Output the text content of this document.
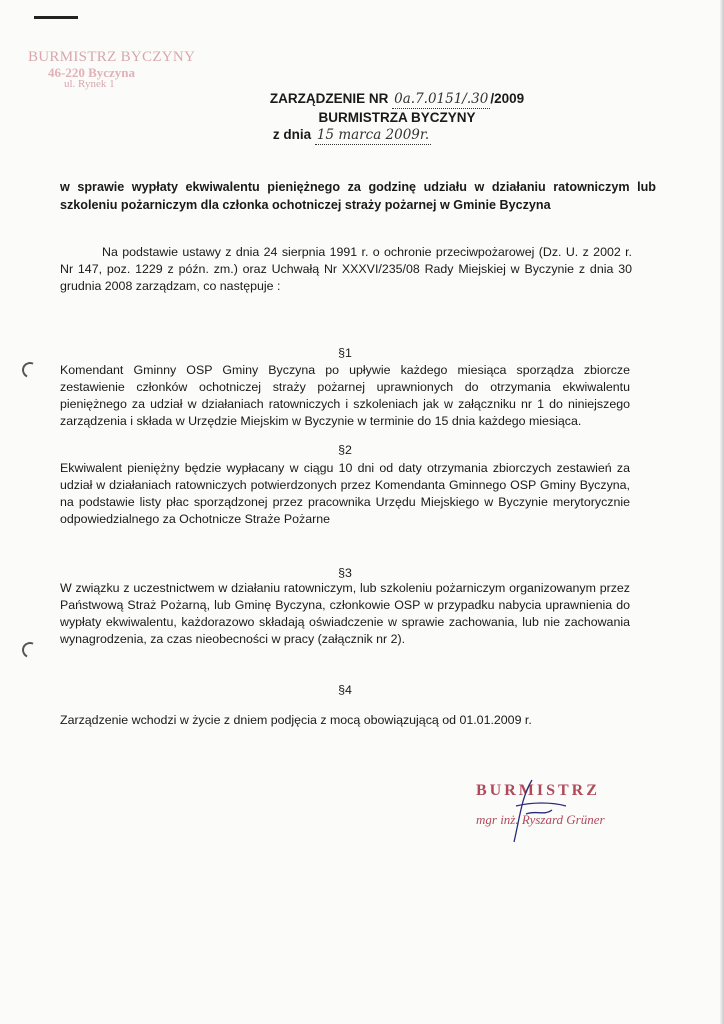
BURMISTRZ BYCZYNY
46-220 Byczyna
ul. Rynek 1
ZARZĄDZENIE NR 0a.7.0151/.30 /2009
BURMISTRZA BYCZYNY
z dnia 15 marca 2009r.
w sprawie wypłaty ekwiwalentu pieniężnego za godzinę udziału w działaniu ratowniczym lub szkoleniu pożarniczym dla członka ochotniczej straży pożarnej w Gminie Byczyna
Na podstawie ustawy z dnia 24 sierpnia 1991 r. o ochronie przeciwpożarowej (Dz. U. z 2002 r. Nr 147, poz. 1229 z późn. zm.) oraz Uchwałą Nr XXXVI/235/08 Rady Miejskiej w Byczynie z dnia 30 grudnia 2008 zarządzam, co następuje :
§1
Komendant Gminny OSP Gminy Byczyna po upływie każdego miesiąca sporządza zbiorcze zestawienie członków ochotniczej straży pożarnej uprawnionych do otrzymania ekwiwalentu pieniężnego za udział w działaniach ratowniczych i szkoleniach jak w załączniku nr 1 do niniejszego zarządzenia i składa w Urzędzie Miejskim w Byczynie w terminie do 15 dnia każdego miesiąca.
§2
Ekwiwalent pieniężny będzie wypłacany w ciągu 10 dni od daty otrzymania zbiorczych zestawień za udział w działaniach ratowniczych potwierdzonych przez Komendanta Gminnego OSP Gminy Byczyna, na podstawie listy płac sporządzonej przez pracownika Urzędu Miejskiego w Byczynie merytorycznie odpowiedzialnego za Ochotnicze Straże Pożarne
§3
W związku z uczestnictwem w działaniu ratowniczym, lub szkoleniu pożarniczym organizowanym przez Państwową Straż Pożarną, lub Gminę Byczyna, członkowie OSP w przypadku nabycia uprawnienia do wypłaty ekwiwalentu, każdorazowo składają oświadczenie w sprawie zachowania, lub nie zachowania wynagrodzenia, za czas nieobecności w pracy (załącznik nr 2).
§4
Zarządzenie wchodzi w życie z dniem podjęcia z mocą obowiązującą od 01.01.2009 r.
BURMISTRZ
mgr inż. Ryszard Grüner
